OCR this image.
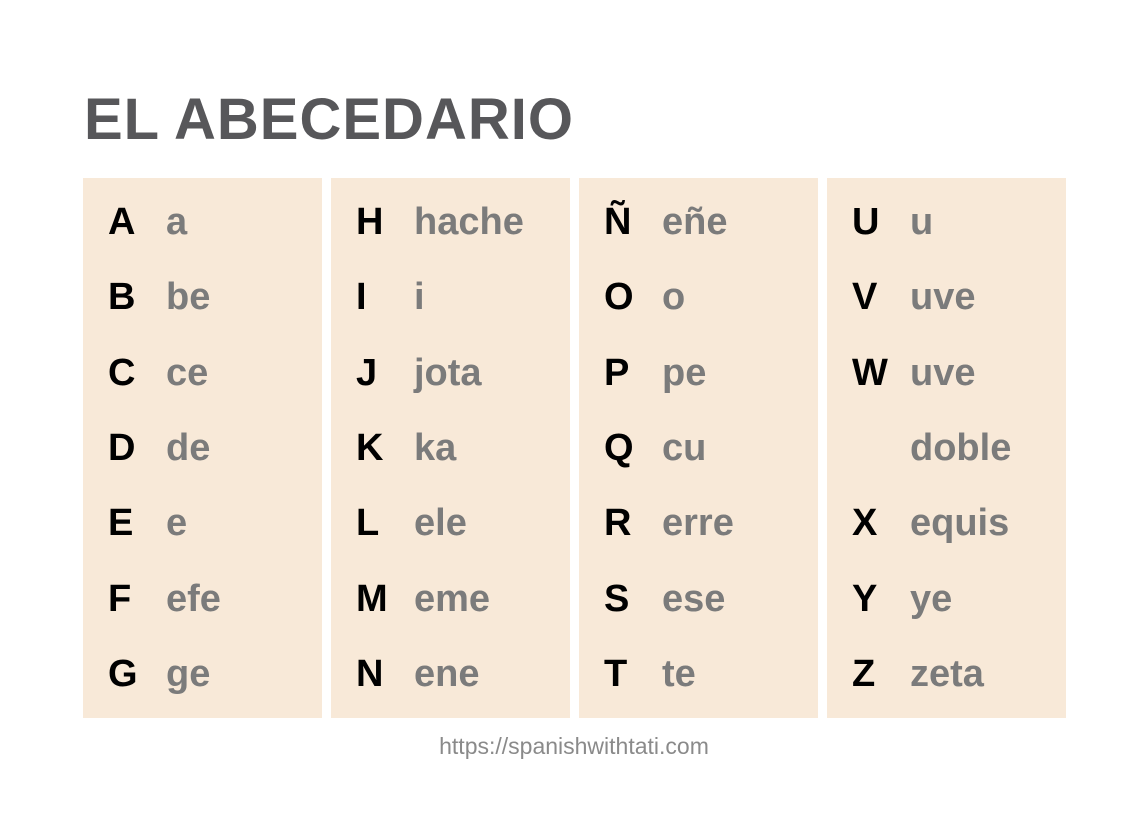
EL ABECEDARIO
A a
B be
C ce
D de
E e
F efe
G ge
H hache
I	i
J jota
K ka
L ele
M eme
N ene
Ñ eñe
O o
P pe
Q cu
R erre
S ese
T te
U u
V uve
W uve
doble
X equis
Y ye
Z zeta
https://spanishwithtati.com
